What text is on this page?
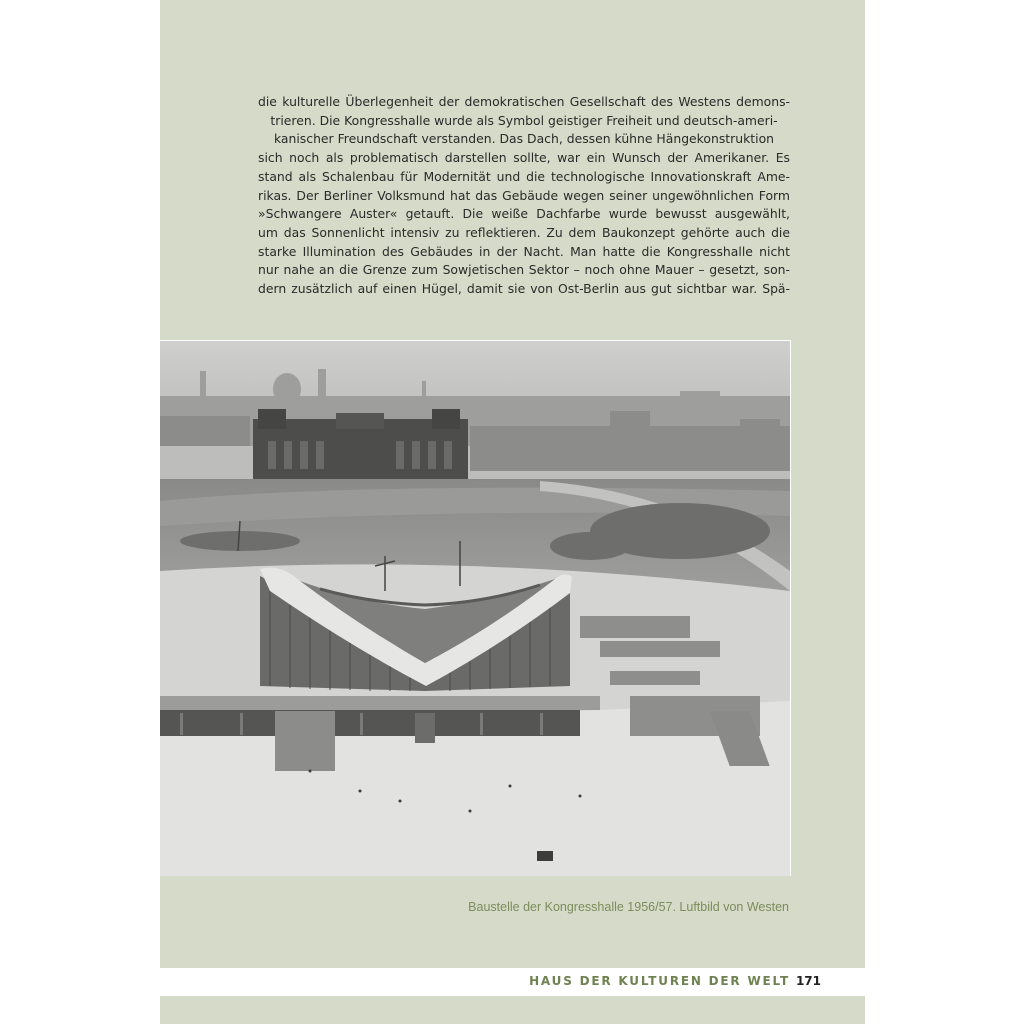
die kulturelle Überlegenheit der demokratischen Gesellschaft des Westens demons-
trieren. Die Kongresshalle wurde als Symbol geistiger Freiheit und deutsch-ameri-
kanischer Freundschaft verstanden. Das Dach, dessen kühne Hängekonstruktion
sich noch als problematisch darstellen sollte, war ein Wunsch der Amerikaner. Es
stand als Schalenbau für Modernität und die technologische Innovationskraft Ame-
rikas. Der Berliner Volksmund hat das Gebäude wegen seiner ungewöhnlichen Form
»Schwangere Auster« getauft. Die weiße Dachfarbe wurde bewusst ausgewählt,
um das Sonnenlicht intensiv zu reflektieren. Zu dem Baukonzept gehörte auch die
starke Illumination des Gebäudes in der Nacht. Man hatte die Kongresshalle nicht
nur nahe an die Grenze zum Sowjetischen Sektor – noch ohne Mauer – gesetzt, son-
dern zusätzlich auf einen Hügel, damit sie von Ost-Berlin aus gut sichtbar war. Spä-
Baustelle der Kongresshalle 1956/57. Luftbild von Westen
HAUS DER KULTUREN DER WELT 171
